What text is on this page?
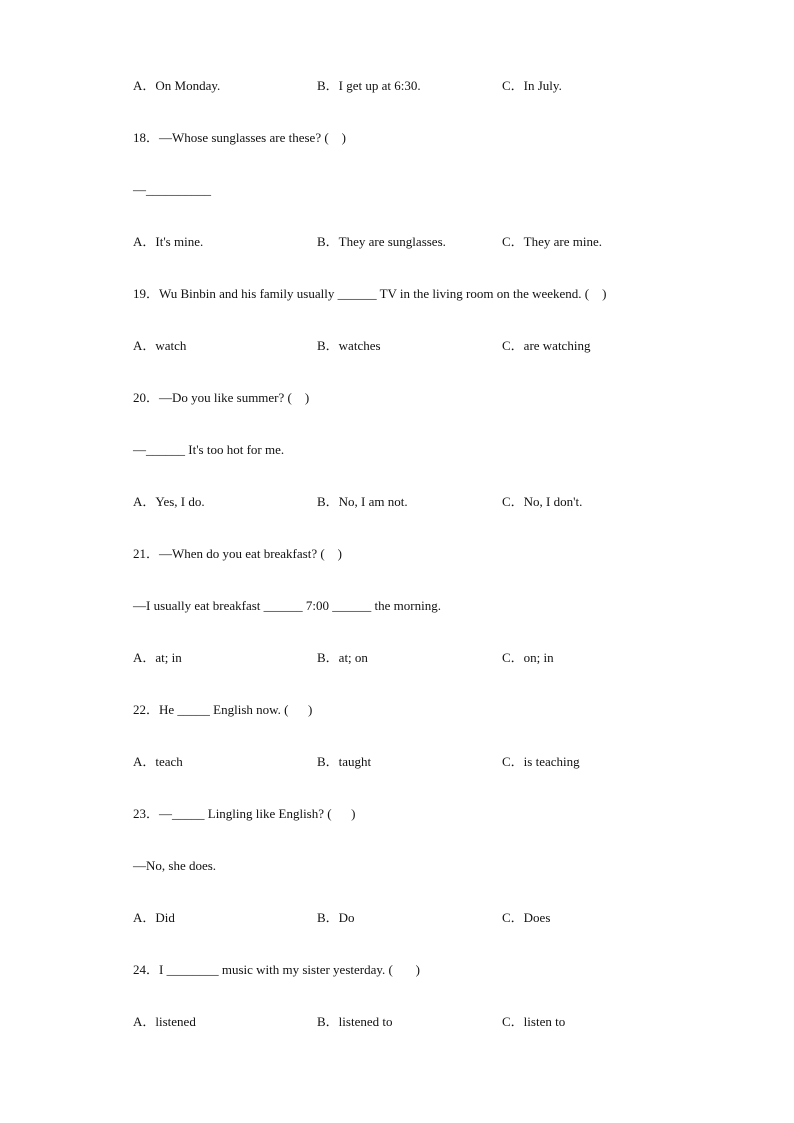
A．On Monday.	B．I get up at 6:30.	C．In July.
18．—Whose sunglasses are these? (    )
—__________
A．It's mine.	B．They are sunglasses.	C．They are mine.
19．Wu Binbin and his family usually ______ TV in the living room on the weekend. (    )
A．watch	B．watches	C．are watching
20．—Do you like summer? (    )
—______ It's too hot for me.
A．Yes, I do.	B．No, I am not.	C．No, I don't.
21．—When do you eat breakfast? (    )
—I usually eat breakfast ______ 7:00 ______ the morning.
A．at; in	B．at; on	C．on; in
22．He _____ English now. (      )
A．teach	B．taught	C．is teaching
23．—_____ Lingling like English? (      )
—No, she does.
A．Did	B．Do	C．Does
24．I ________ music with my sister yesterday. (       )
A．listened	B．listened to	C．listen to
